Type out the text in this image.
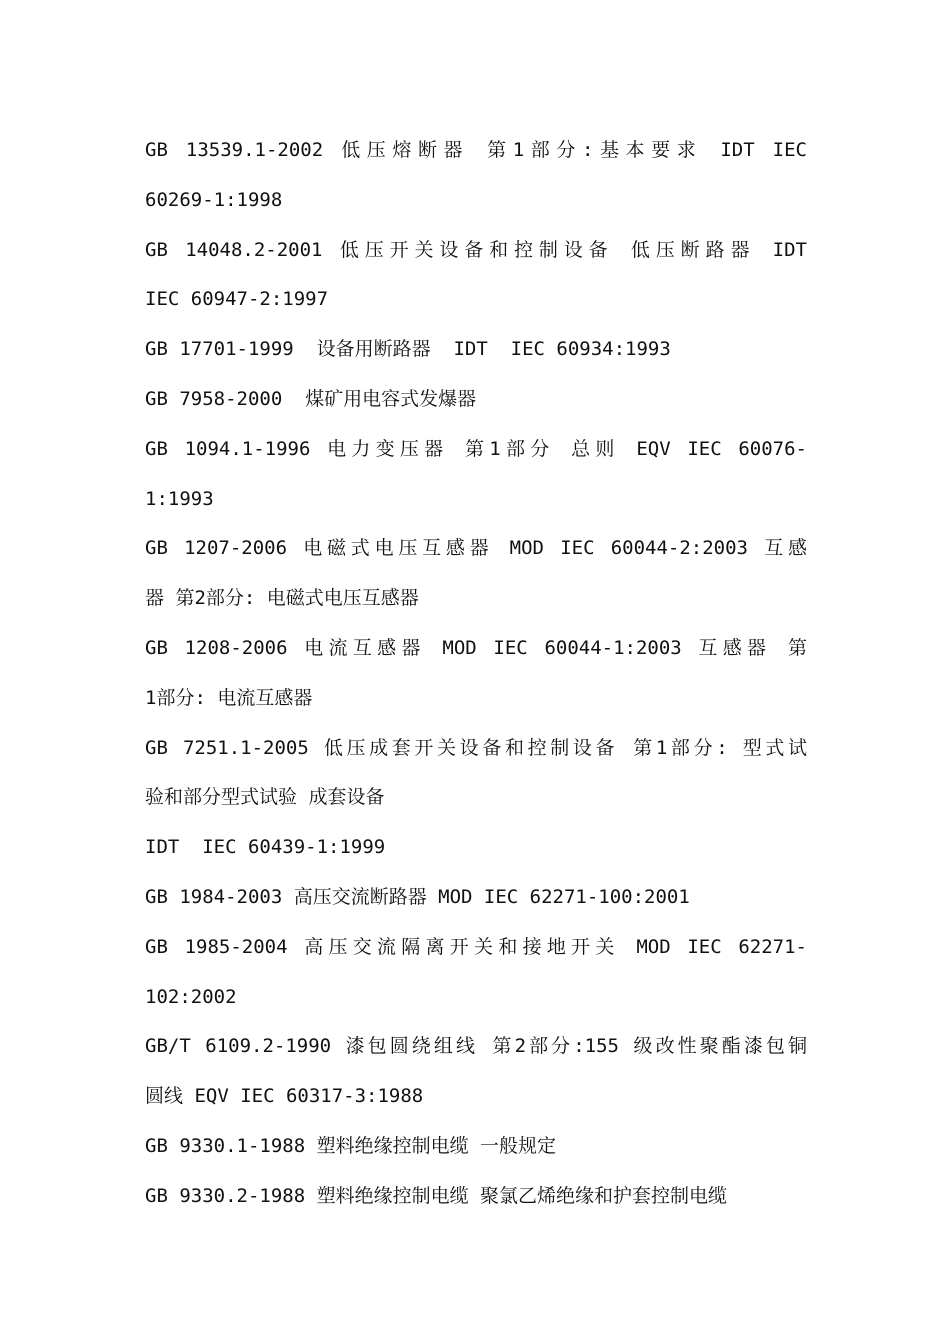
GB 13539.1-2002 低压熔断器 第1部分:基本要求 IDT IEC
60269-1:1998
GB 14048.2-2001 低压开关设备和控制设备 低压断路器 IDT
IEC 60947-2:1997
GB 17701-1999  设备用断路器  IDT  IEC 60934:1993
GB 7958-2000  煤矿用电容式发爆器
GB 1094.1-1996 电力变压器 第1部分 总则 EQV IEC 60076-
1:1993
GB 1207-2006 电磁式电压互感器 MOD IEC 60044-2:2003 互感
器 第2部分: 电磁式电压互感器
GB 1208-2006 电流互感器 MOD IEC 60044-1:2003 互感器 第
1部分: 电流互感器
GB 7251.1-2005 低压成套开关设备和控制设备 第1部分: 型式试
验和部分型式试验 成套设备
IDT  IEC 60439-1:1999
GB 1984-2003 高压交流断路器 MOD IEC 62271-100:2001
GB 1985-2004 高压交流隔离开关和接地开关 MOD IEC 62271-
102:2002
GB/T 6109.2-1990 漆包圆绕组线 第2部分:155 级改性聚酯漆包铜
圆线 EQV IEC 60317-3:1988
GB 9330.1-1988 塑料绝缘控制电缆 一般规定
GB 9330.2-1988 塑料绝缘控制电缆 聚氯乙烯绝缘和护套控制电缆
